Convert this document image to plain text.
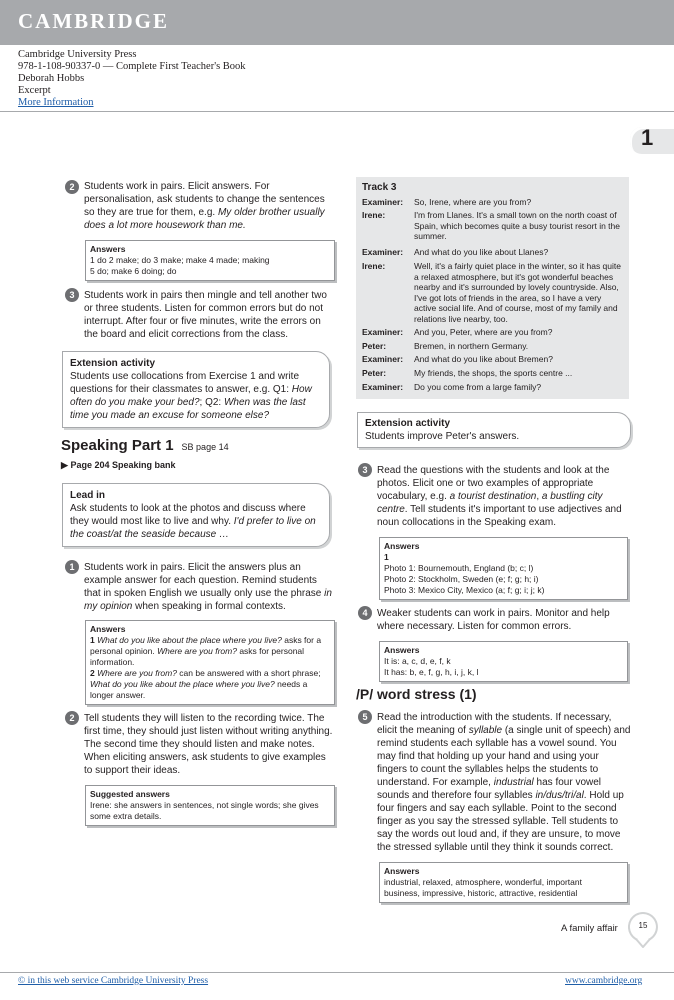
CAMBRIDGE
Cambridge University Press
978-1-108-90337-0 — Complete First Teacher's Book
Deborah Hobbs
Excerpt
More Information
1
2 Students work in pairs. Elicit answers. For personalisation, ask students to change the sentences so they are true for them, e.g. My older brother usually does a lot more housework than me.
Answers
1 do 2 make; do 3 make; make 4 made; making
5 do; make 6 doing; do
3 Students work in pairs then mingle and tell another two or three students. Listen for common errors but do not interrupt. After four or five minutes, write the errors on the board and elicit corrections from the class.
Extension activity
Students use collocations from Exercise 1 and write questions for their classmates to answer, e.g. Q1: How often do you make your bed?; Q2: When was the last time you made an excuse for someone else?
Speaking Part 1 SB page 14
▶ Page 204 Speaking bank
Lead in
Ask students to look at the photos and discuss where they would most like to live and why. I'd prefer to live on the coast/at the seaside because …
1 Students work in pairs. Elicit the answers plus an example answer for each question. Remind students that in spoken English we usually only use the phrase in my opinion when speaking in formal contexts.
Answers
1 What do you like about the place where you live? asks for a personal opinion. Where are you from? asks for personal information.
2 Where are you from? can be answered with a short phrase; What do you like about the place where you live? needs a longer answer.
2 Tell students they will listen to the recording twice. The first time, they should just listen without writing anything. The second time they should listen and make notes. When eliciting answers, ask students to give examples to support their ideas.
Suggested answers
Irene: she answers in sentences, not single words; she gives some extra details.
Track 3
Examiner: So, Irene, where are you from?
Irene:	I'm from Llanes. It's a small town on the north coast of Spain, which becomes quite a busy tourist resort in the summer.
Examiner: And what do you like about Llanes?
Irene:	Well, it's a fairly quiet place in the winter, so it has quite a relaxed atmosphere, but it's got wonderful beaches nearby and it's surrounded by lovely countryside. Also, I've got lots of friends in the area, so I have a very active social life. And of course, most of my family and relations live nearby, too.
Examiner: And you, Peter, where are you from?
Peter:	Bremen, in northern Germany.
Examiner: And what do you like about Bremen?
Peter:	My friends, the shops, the sports centre ...
Examiner: Do you come from a large family?
Extension activity
Students improve Peter's answers.
3 Read the questions with the students and look at the photos. Elicit one or two examples of appropriate vocabulary, e.g. a tourist destination, a bustling city centre. Tell students it's important to use adjectives and noun collocations in the Speaking exam.
Answers
1
Photo 1: Bournemouth, England (b; c; l)
Photo 2: Stockholm, Sweden (e; f; g; h; i)
Photo 3: Mexico City, Mexico (a; f; g; i; j; k)
4 Weaker students can work in pairs. Monitor and help where necessary. Listen for common errors.
Answers
It is: a, c, d, e, f, k
It has: b, e, f, g, h, i, j, k, l
/P/ word stress (1)
5 Read the introduction with the students. If necessary, elicit the meaning of syllable (a single unit of speech) and remind students each syllable has a vowel sound. You may find that holding up your hand and using your fingers to count the syllables helps the students to understand. For example, industrial has four vowel sounds and therefore four syllables in/dus/tri/al. Hold up four fingers and say each syllable. Point to the second finger as you say the stressed syllable. Tell students to say the words out loud and, if they are unsure, to move the stressed syllable until they think it sounds correct.
Answers
industrial, relaxed, atmosphere, wonderful, important
business, impressive, historic, attractive, residential
A family affair	15
© in this web service Cambridge University Press	www.cambridge.org
